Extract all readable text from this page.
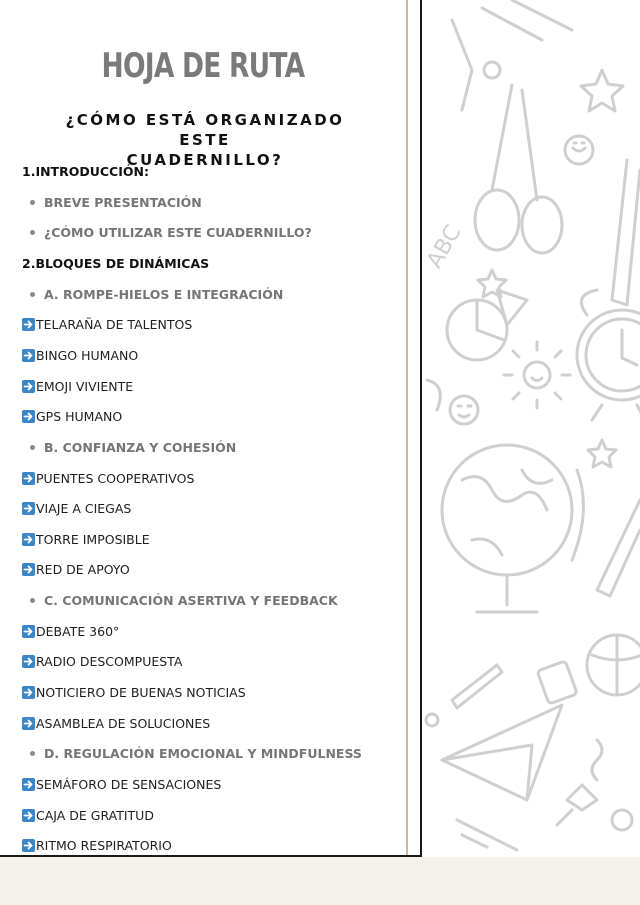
HOJA DE RUTA
¿CÓMO ESTÁ ORGANIZADO ESTE
CUADERNILLO?
1.INTRODUCCIÓN:
BREVE PRESENTACIÓN
¿CÓMO UTILIZAR ESTE CUADERNILLO?
2.BLOQUES DE DINÁMICAS
A. ROMPE-HIELOS E INTEGRACIÓN
TELARAÑA DE TALENTOS
BINGO HUMANO
EMOJI VIVIENTE
GPS HUMANO
B. CONFIANZA Y COHESIÓN
PUENTES COOPERATIVOS
VIAJE A CIEGAS
TORRE IMPOSIBLE
RED DE APOYO
C. COMUNICACIÓN ASERTIVA Y FEEDBACK
DEBATE 360°
RADIO DESCOMPUESTA
NOTICIERO DE BUENAS NOTICIAS
ASAMBLEA DE SOLUCIONES
D. REGULACIÓN EMOCIONAL Y MINDFULNESS
SEMÁFORO DE SENSACIONES
CAJA DE GRATITUD
RITMO RESPIRATORIO
ABC
